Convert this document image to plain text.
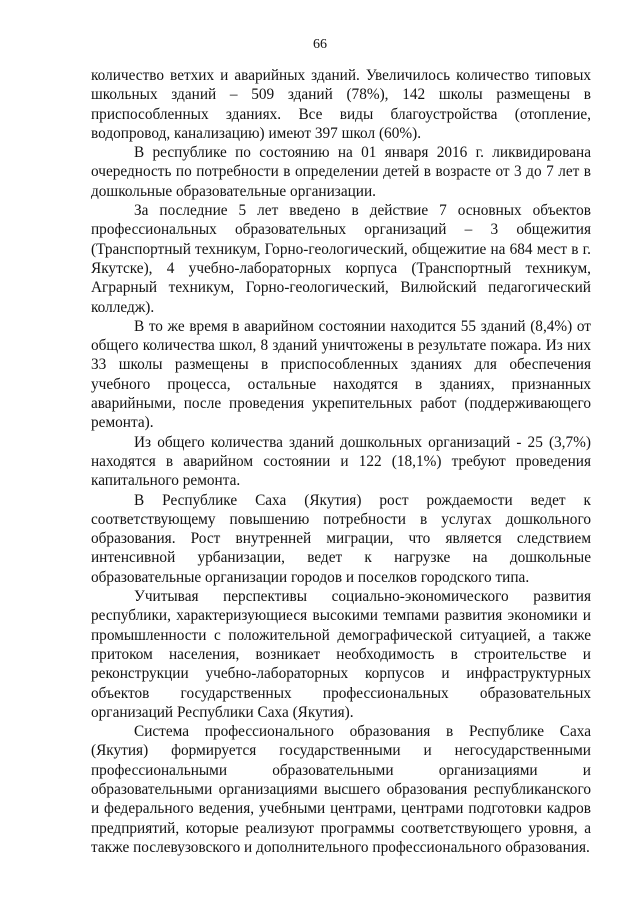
66

количество ветхих и аварийных зданий. Увеличилось количество типовых школьных зданий – 509 зданий (78%), 142 школы размещены в приспособленных зданиях. Все виды благоустройства (отопление, водопровод, канализацию) имеют 397 школ (60%).

В республике по состоянию на 01 января 2016 г. ликвидирована очередность по потребности в определении детей в возрасте от 3 до 7 лет в дошкольные образовательные организации.

За последние 5 лет введено в действие 7 основных объектов профессиональных образовательных организаций – 3 общежития (Транспортный техникум, Горно-геологический, общежитие на 684 мест в г. Якутске), 4 учебно-лабораторных корпуса (Транспортный техникум, Аграрный техникум, Горно-геологический, Вилюйский педагогический колледж).

В то же время в аварийном состоянии находится 55 зданий (8,4%) от общего количества школ, 8 зданий уничтожены в результате пожара. Из них 33 школы размещены в приспособленных зданиях для обеспечения учебного процесса, остальные находятся в зданиях, признанных аварийными, после проведения укрепительных работ (поддерживающего ремонта).

Из общего количества зданий дошкольных организаций - 25 (3,7%) находятся в аварийном состоянии и 122 (18,1%) требуют проведения капитального ремонта.

В Республике Саха (Якутия) рост рождаемости ведет к соответствующему повышению потребности в услугах дошкольного образования. Рост внутренней миграции, что является следствием интенсивной урбанизации, ведет к нагрузке на дошкольные образовательные организации городов и поселков городского типа.

Учитывая перспективы социально-экономического развития республики, характеризующиеся высокими темпами развития экономики и промышленности с положительной демографической ситуацией, а также притоком населения, возникает необходимость в строительстве и реконструкции учебно-лабораторных корпусов и инфраструктурных объектов государственных профессиональных образовательных организаций Республики Саха (Якутия).

Система профессионального образования в Республике Саха (Якутия) формируется государственными и негосударственными профессиональными образовательными организациями и образовательными организациями высшего образования республиканского и федерального ведения, учебными центрами, центрами подготовки кадров предприятий, которые реализуют программы соответствующего уровня, а также послевузовского и дополнительного профессионального образования.
